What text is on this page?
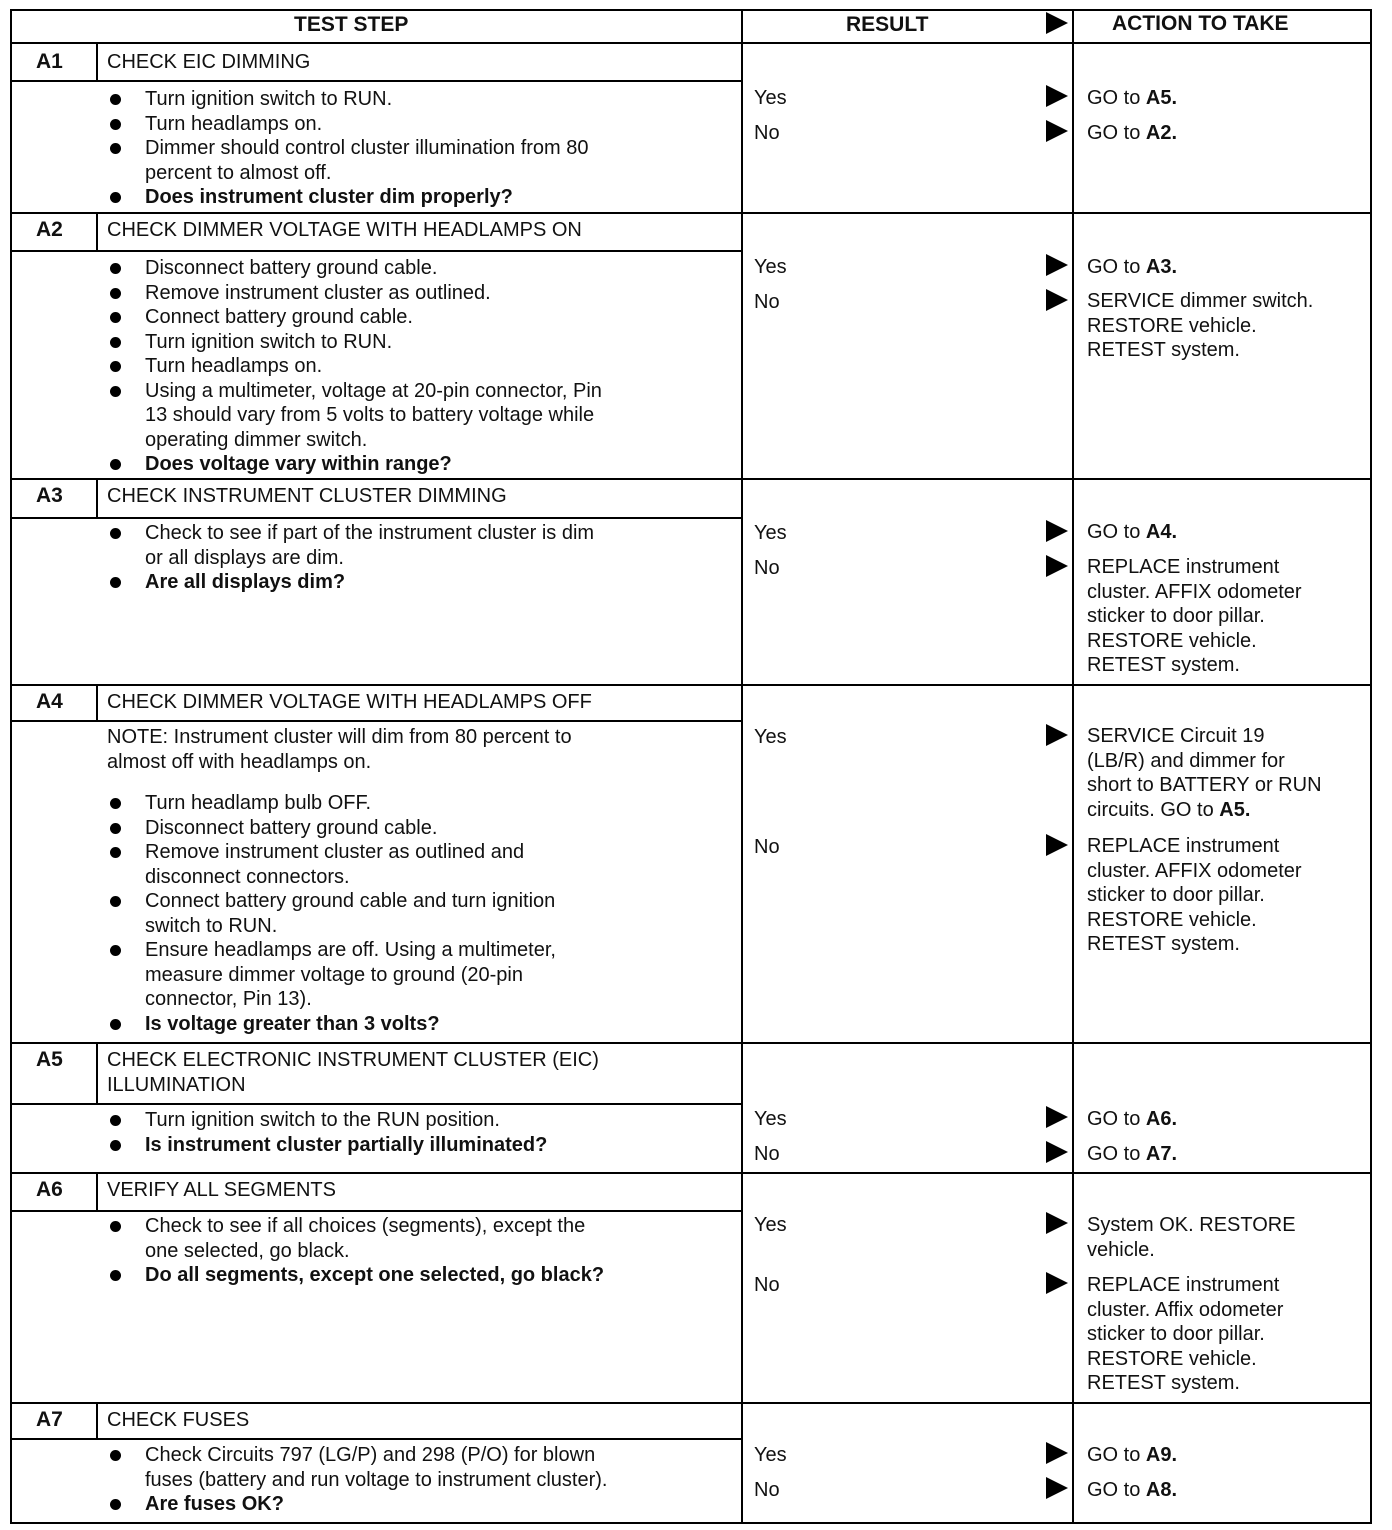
TEST STEP	RESULT	ACTION TO TAKE
A1 CHECK EIC DIMMING
Turn ignition switch to RUN.
Turn headlamps on.
Dimmer should control cluster illumination from 80
percent to almost off.
Does instrument cluster dim properly?
Yes	GO to A5.
No	GO to A2.
A2 CHECK DIMMER VOLTAGE WITH HEADLAMPS ON
Disconnect battery ground cable.
Remove instrument cluster as outlined.
Connect battery ground cable.
Turn ignition switch to RUN.
Turn headlamps on.
Using a multimeter, voltage at 20-pin connector, Pin
13 should vary from 5 volts to battery voltage while
operating dimmer switch.
Does voltage vary within range?
Yes	GO to A3.
No	SERVICE dimmer switch.
RESTORE vehicle.
RETEST system.
A3 CHECK INSTRUMENT CLUSTER DIMMING
Check to see if part of the instrument cluster is dim
or all displays are dim.
Are all displays dim?
Yes	GO to A4.
No	REPLACE instrument
cluster. AFFIX odometer
sticker to door pillar.
RESTORE vehicle.
RETEST system.
A4 CHECK DIMMER VOLTAGE WITH HEADLAMPS OFF
NOTE: Instrument cluster will dim from 80 percent to
almost off with headlamps on.
Turn headlamp bulb OFF.
Disconnect battery ground cable.
Remove instrument cluster as outlined and
disconnect connectors.
Connect battery ground cable and turn ignition
switch to RUN.
Ensure headlamps are off. Using a multimeter,
measure dimmer voltage to ground (20-pin
connector, Pin 13).
Is voltage greater than 3 volts?
Yes	SERVICE Circuit 19
(LB/R) and dimmer for
short to BATTERY or RUN
circuits. GO to A5.
No	REPLACE instrument
cluster. AFFIX odometer
sticker to door pillar.
RESTORE vehicle.
RETEST system.
A5 CHECK ELECTRONIC INSTRUMENT CLUSTER (EIC)
ILLUMINATION
Turn ignition switch to the RUN position.
Is instrument cluster partially illuminated?
Yes	GO to A6.
No	GO to A7.
A6 VERIFY ALL SEGMENTS
Check to see if all choices (segments), except the
one selected, go black.
Do all segments, except one selected, go black?
Yes	System OK. RESTORE
vehicle.
No	REPLACE instrument
cluster. Affix odometer
sticker to door pillar.
RESTORE vehicle.
RETEST system.
A7 CHECK FUSES
Check Circuits 797 (LG/P) and 298 (P/O) for blown
fuses (battery and run voltage to instrument cluster).
Are fuses OK?
Yes	GO to A9.
No	GO to A8.
